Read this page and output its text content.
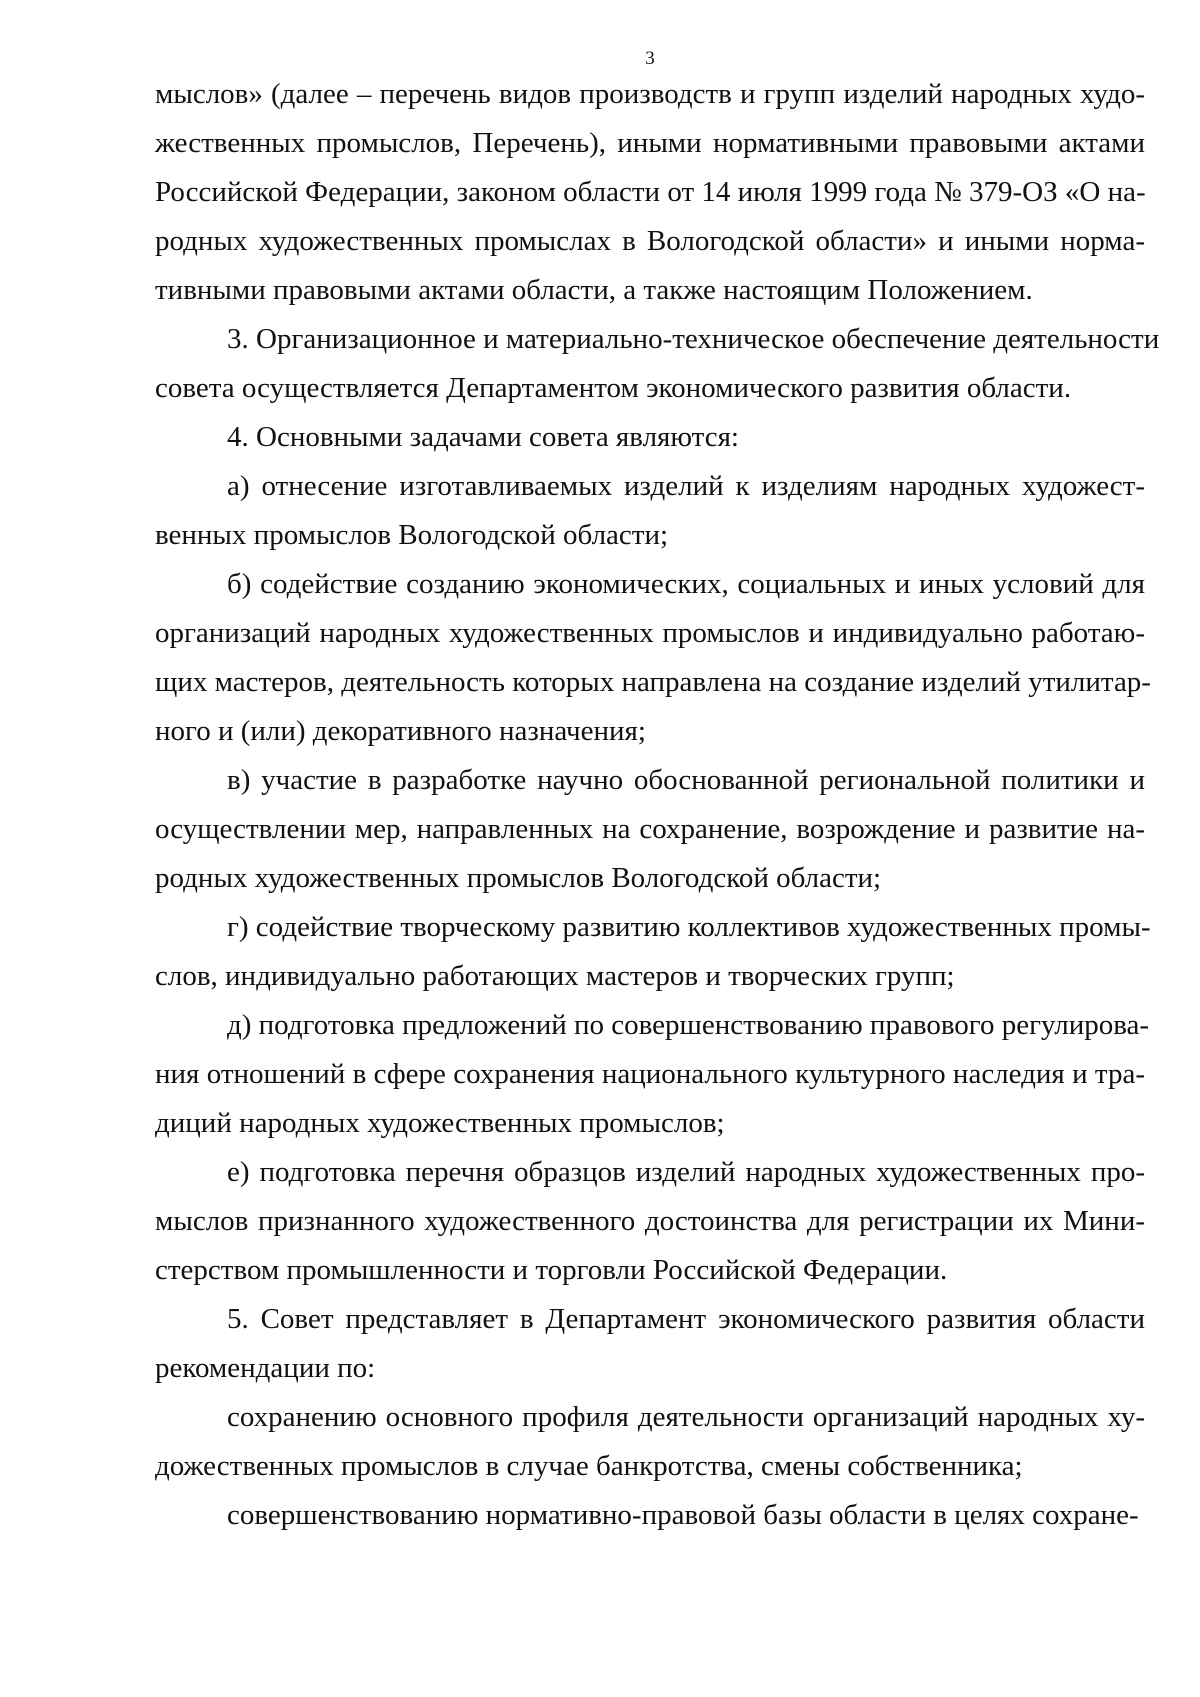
3
мыслов» (далее – перечень видов производств и групп изделий народных худо-
жественных промыслов, Перечень), иными нормативными правовыми актами
Российской Федерации, законом области от 14 июля 1999 года № 379-ОЗ «О на-
родных художественных промыслах в Вологодской области» и иными норма-
тивными правовыми актами области, а также настоящим Положением.
3. Организационное и материально-техническое обеспечение деятельности
совета осуществляется Департаментом экономического развития области.
4. Основными задачами совета являются:
а) отнесение изготавливаемых изделий к изделиям народных художест-
венных промыслов Вологодской области;
б) содействие созданию экономических, социальных и иных условий для
организаций народных художественных промыслов и индивидуально работаю-
щих мастеров, деятельность которых направлена на создание изделий утилитар-
ного и (или) декоративного назначения;
в) участие в разработке научно обоснованной региональной политики и
осуществлении мер, направленных на сохранение, возрождение и развитие на-
родных художественных промыслов Вологодской области;
г) содействие творческому развитию коллективов художественных промы-
слов, индивидуально работающих мастеров и творческих групп;
д) подготовка предложений по совершенствованию правового регулирова-
ния отношений в сфере сохранения национального культурного наследия и тра-
диций народных художественных промыслов;
е) подготовка перечня образцов изделий народных художественных про-
мыслов признанного художественного достоинства для регистрации их Мини-
стерством промышленности и торговли Российской Федерации.
5. Совет представляет в Департамент экономического развития области
рекомендации по:
сохранению основного профиля деятельности организаций народных ху-
дожественных промыслов в случае банкротства, смены собственника;
совершенствованию нормативно-правовой базы области в целях сохране-
